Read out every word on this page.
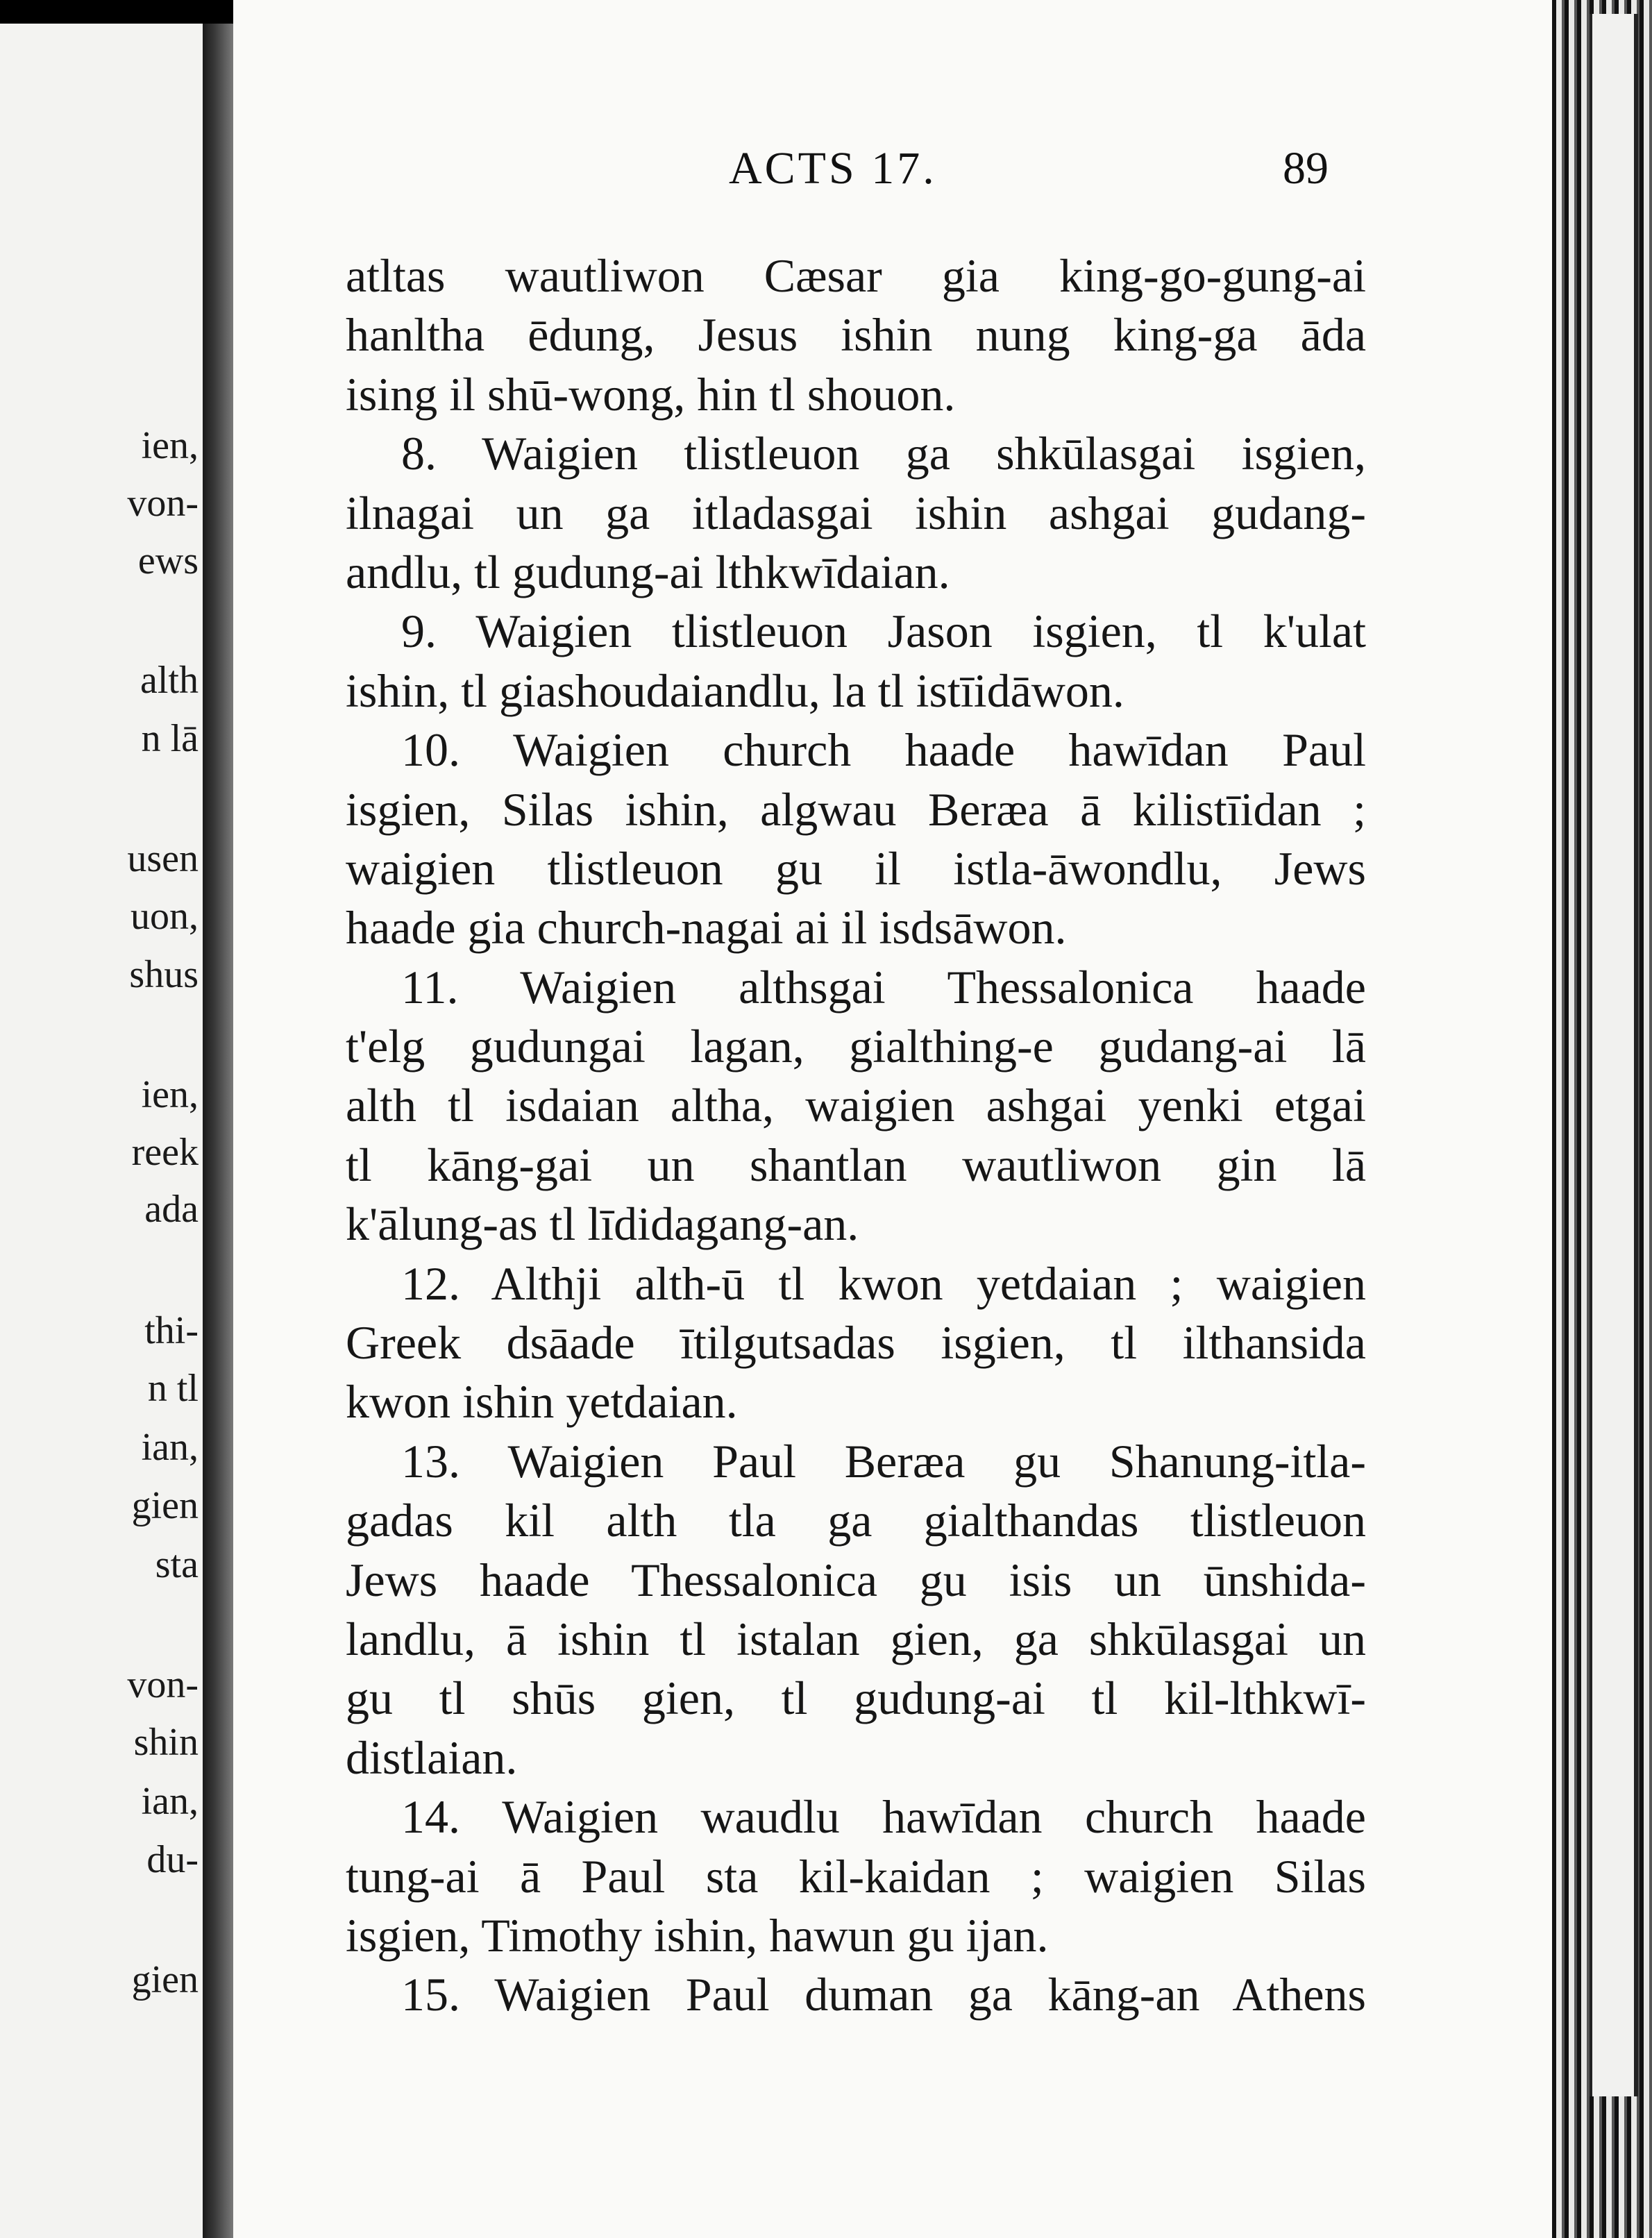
ien,
von-
ews
alth
n lā
usen
uon,
shus
ien,
reek
ada
thi-
n tl
ian,
gien
sta
von-
shin
ian,
du-
gien
ACTS 17.	89
atltas wautliwon Cæsar gia king-go-gung-ai
hanltha ēdung, Jesus ishin nung king-ga āda
ising il shū-wong, hin tl shouon.
8. Waigien tlistleuon ga shkūlasgai isgien,
ilnagai un ga itladasgai ishin ashgai gudang-
andlu, tl gudung-ai lthkwīdaian.
9. Waigien tlistleuon Jason isgien, tl k'ulat
ishin, tl giashoudaiandlu, la tl istīidāwon.
10. Waigien church haade hawīdan Paul
isgien, Silas ishin, algwau Beræa ā kilistīidan ;
waigien tlistleuon gu il istla-āwondlu, Jews
haade gia church-nagai ai il isdsāwon.
11. Waigien althsgai Thessalonica haade
t'elg gudungai lagan, gialthing-e gudang-ai lā
alth tl isdaian altha, waigien ashgai yenki etgai
tl kāng-gai un shantlan wautliwon gin lā
k'ālung-as tl līdidagang-an.
12. Althji alth-ū tl kwon yetdaian ; waigien
Greek dsāade ītilgutsadas isgien, tl ilthansida
kwon ishin yetdaian.
13. Waigien Paul Beræa gu Shanung-itla-
gadas kil alth tla ga gialthandas tlistleuon
Jews haade Thessalonica gu isis un ūnshida-
landlu, ā ishin tl istalan gien, ga shkūlasgai un
gu tl shūs gien, tl gudung-ai tl kil-lthkwī-
distlaian.
14. Waigien waudlu hawīdan church haade
tung-ai ā Paul sta kil-kaidan ; waigien Silas
isgien, Timothy ishin, hawun gu ijan.
15. Waigien Paul duman ga kāng-an Athens
